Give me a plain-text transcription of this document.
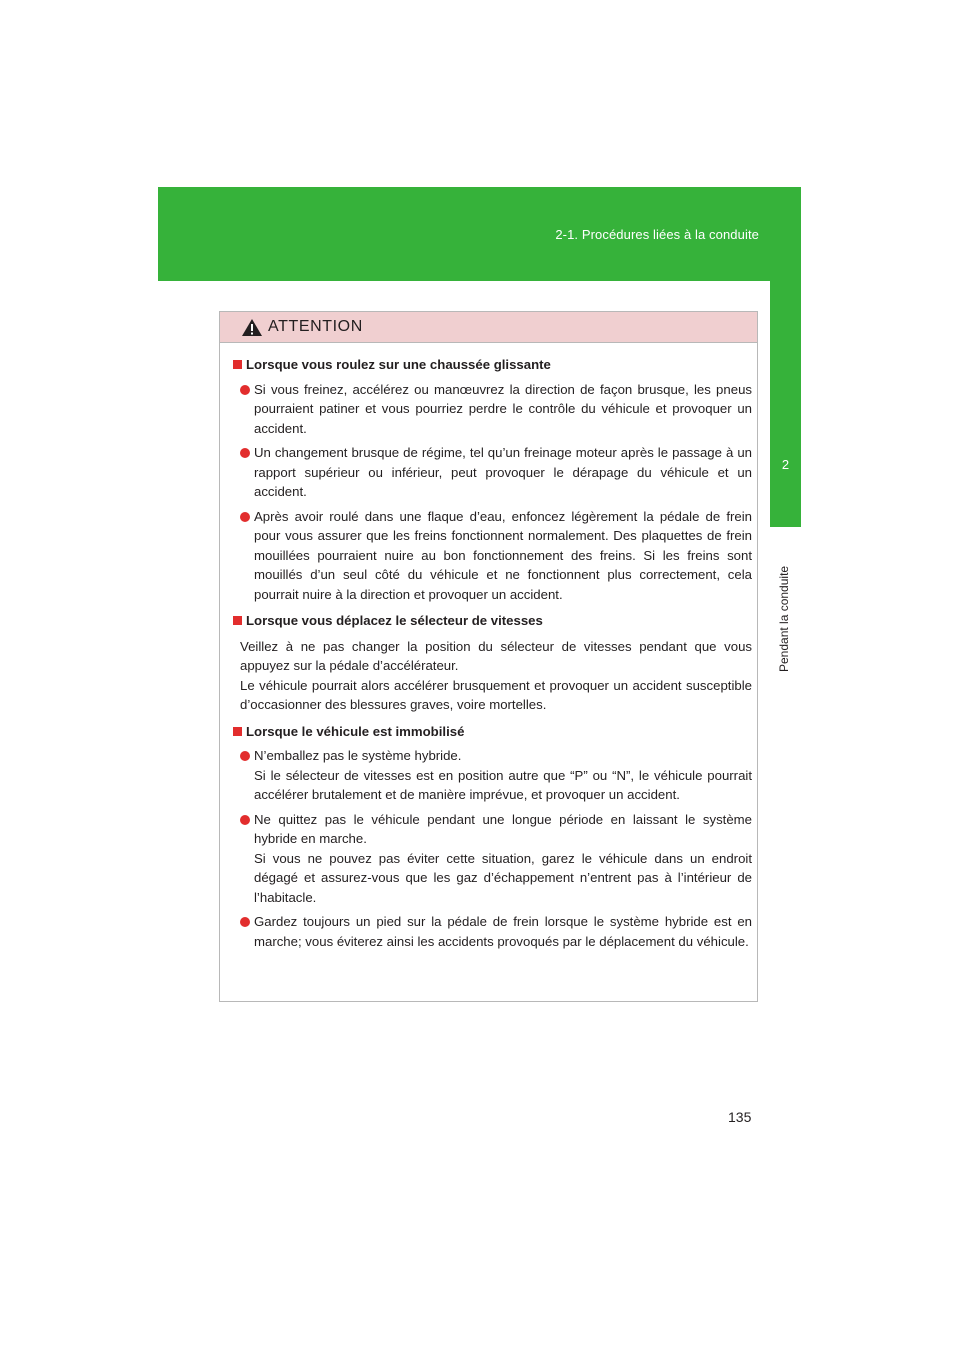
2-1. Procédures liées à la conduite
2
Pendant la conduite
ATTENTION
Lorsque vous roulez sur une chaussée glissante
Si vous freinez, accélérez ou manœuvrez la direction de façon brusque, les pneus pourraient patiner et vous pourriez perdre le contrôle du véhicule et provoquer un accident.
Un changement brusque de régime, tel qu’un freinage moteur après le passage à un rapport supérieur ou inférieur, peut provoquer le dérapage du véhicule et un accident.
Après avoir roulé dans une flaque d’eau, enfoncez légèrement la pédale de frein pour vous assurer que les freins fonctionnent normalement. Des plaquettes de frein mouillées pourraient nuire au bon fonctionnement des freins. Si les freins sont mouillés d’un seul côté du véhicule et ne fonctionnent plus correctement, cela pourrait nuire à la direction et provoquer un accident.
Lorsque vous déplacez le sélecteur de vitesses
Veillez à ne pas changer la position du sélecteur de vitesses pendant que vous appuyez sur la pédale d’accélérateur.
Le véhicule pourrait alors accélérer brusquement et provoquer un accident susceptible d’occasionner des blessures graves, voire mortelles.
Lorsque le véhicule est immobilisé
N’emballez pas le système hybride.
Si le sélecteur de vitesses est en position autre que “P” ou “N”, le véhicule pourrait accélérer brutalement et de manière imprévue, et provoquer un accident.
Ne quittez pas le véhicule pendant une longue période en laissant le système hybride en marche.
Si vous ne pouvez pas éviter cette situation, garez le véhicule dans un endroit dégagé et assurez-vous que les gaz d’échappement n’entrent pas à l’intérieur de l’habitacle.
Gardez toujours un pied sur la pédale de frein lorsque le système hybride est en marche; vous éviterez ainsi les accidents provoqués par le déplacement du véhicule.
135
